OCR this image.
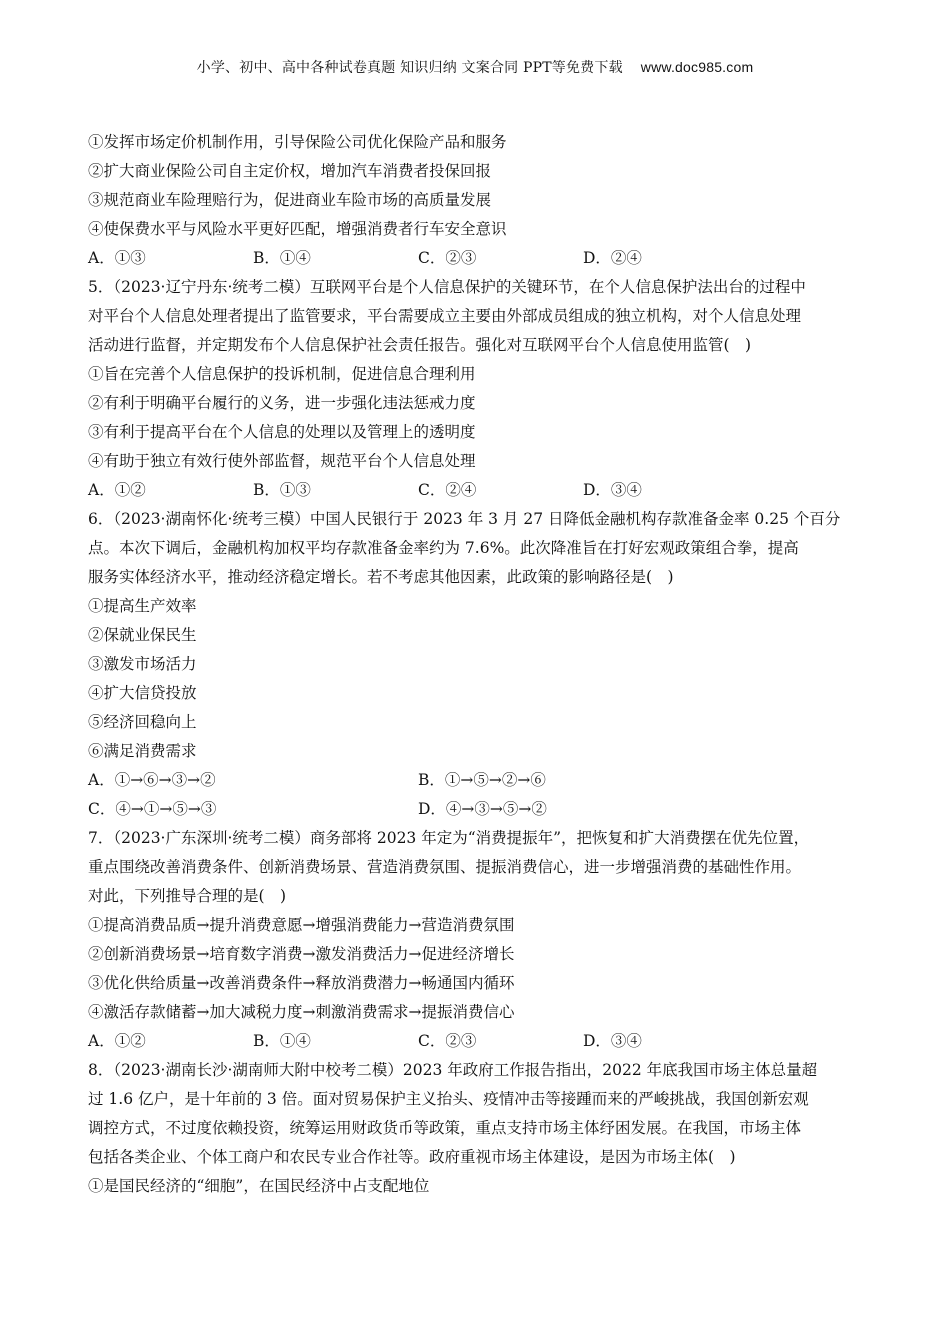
小学、初中、高中各种试卷真题 知识归纳 文案合同 PPT等免费下载 www.doc985.com
①发挥市场定价机制作用，引导保险公司优化保险产品和服务
②扩大商业保险公司自主定价权，增加汽车消费者投保回报
③规范商业车险理赔行为，促进商业车险市场的高质量发展
④使保费水平与风险水平更好匹配，增强消费者行车安全意识
A．①③	B．①④	C．②③	D．②④
5．（2023·辽宁丹东·统考二模）互联网平台是个人信息保护的关键环节，在个人信息保护法出台的过程中
对平台个人信息处理者提出了监管要求，平台需要成立主要由外部成员组成的独立机构，对个人信息处理
活动进行监督，并定期发布个人信息保护社会责任报告。强化对互联网平台个人信息使用监管(　)
①旨在完善个人信息保护的投诉机制，促进信息合理利用
②有利于明确平台履行的义务，进一步强化违法惩戒力度
③有利于提高平台在个人信息的处理以及管理上的透明度
④有助于独立有效行使外部监督，规范平台个人信息处理
A．①②	B．①③	C．②④	D．③④
6．（2023·湖南怀化·统考三模）中国人民银行于 2023 年 3 月 27 日降低金融机构存款准备金率 0.25 个百分
点。本次下调后，金融机构加权平均存款准备金率约为 7.6%。此次降准旨在打好宏观政策组合拳，提高
服务实体经济水平，推动经济稳定增长。若不考虑其他因素，此政策的影响路径是(　)
①提高生产效率
②保就业保民生
③激发市场活力
④扩大信贷投放
⑤经济回稳向上
⑥满足消费需求
A．①→⑥→③→②	B．①→⑤→②→⑥
C．④→①→⑤→③	D．④→③→⑤→②
7．（2023·广东深圳·统考二模）商务部将 2023 年定为“消费提振年”，把恢复和扩大消费摆在优先位置，
重点围绕改善消费条件、创新消费场景、营造消费氛围、提振消费信心，进一步增强消费的基础性作用。
对此，下列推导合理的是(　)
①提高消费品质→提升消费意愿→增强消费能力→营造消费氛围
②创新消费场景→培育数字消费→激发消费活力→促进经济增长
③优化供给质量→改善消费条件→释放消费潜力→畅通国内循环
④激活存款储蓄→加大减税力度→刺激消费需求→提振消费信心
A．①②	B．①④	C．②③	D．③④
8．（2023·湖南长沙·湖南师大附中校考二模）2023 年政府工作报告指出，2022 年底我国市场主体总量超
过 1.6 亿户，是十年前的 3 倍。面对贸易保护主义抬头、疫情冲击等接踵而来的严峻挑战，我国创新宏观
调控方式，不过度依赖投资，统筹运用财政货币等政策，重点支持市场主体纾困发展。在我国，市场主体
包括各类企业、个体工商户和农民专业合作社等。政府重视市场主体建设，是因为市场主体(　)
①是国民经济的“细胞”，在国民经济中占支配地位
